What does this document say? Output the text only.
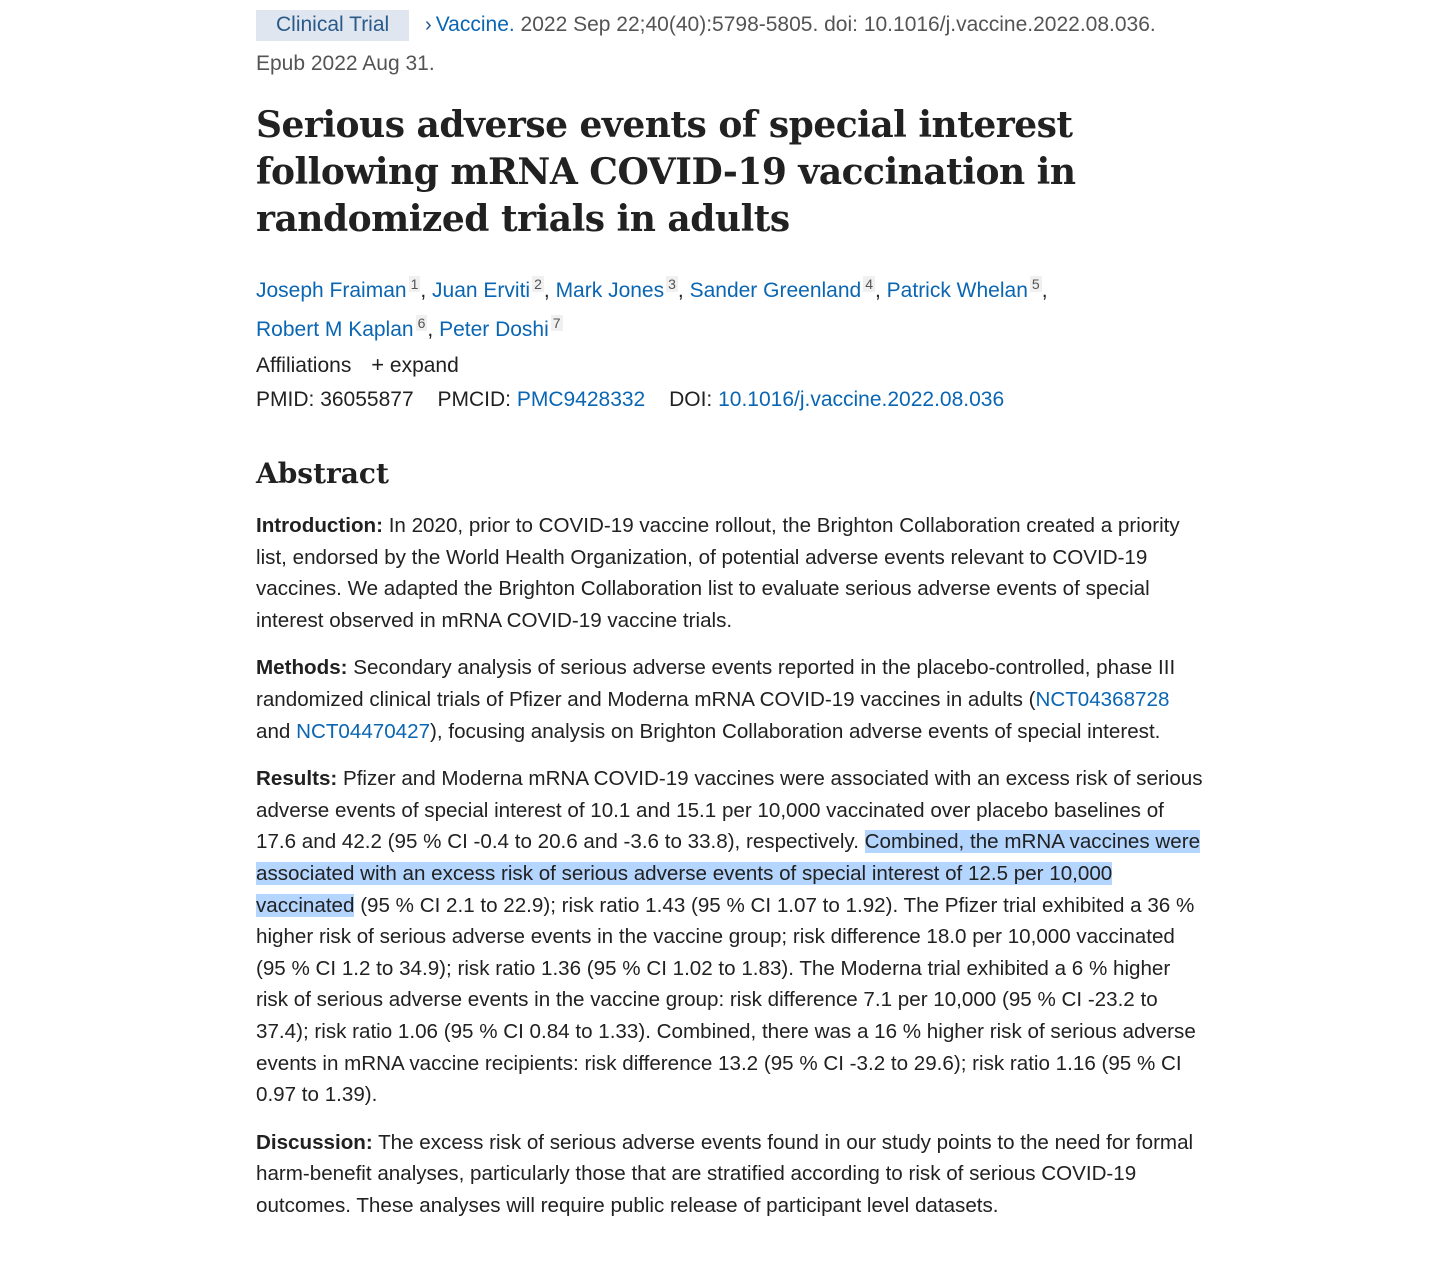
Clinical Trial › Vaccine. 2022 Sep 22;40(40):5798-5805. doi: 10.1016/j.vaccine.2022.08.036.
Epub 2022 Aug 31.
Serious adverse events of special interest following mRNA COVID-19 vaccination in randomized trials in adults
Joseph Fraiman $^1$, Juan Erviti $^2$, Mark Jones $^3$, Sander Greenland $^4$, Patrick Whelan $^5$,
Robert M Kaplan $^6$, Peter Doshi $^7$
Affiliations + expand
PMID: 36055877 PMCID: PMC9428332 DOI: 10.1016/j.vaccine.2022.08.036
Abstract

Introduction: In 2020, prior to COVID-19 vaccine rollout, the Brighton Collaboration created a priority list, endorsed by the World Health Organization, of potential adverse events relevant to COVID-19 vaccines. We adapted the Brighton Collaboration list to evaluate serious adverse events of special interest observed in mRNA COVID-19 vaccine trials.

Methods: Secondary analysis of serious adverse events reported in the placebo-controlled, phase III randomized clinical trials of Pfizer and Moderna mRNA COVID-19 vaccines in adults (NCT04368728 and NCT04470427), focusing analysis on Brighton Collaboration adverse events of special interest.

Results: Pfizer and Moderna mRNA COVID-19 vaccines were associated with an excess risk of serious adverse events of special interest of 10.1 and 15.1 per 10,000 vaccinated over placebo baselines of 17.6 and 42.2 (95 % CI -0.4 to 20.6 and -3.6 to 33.8), respectively. Combined, the mRNA vaccines were associated with an excess risk of serious adverse events of special interest of 12.5 per 10,000 vaccinated (95 % CI 2.1 to 22.9); risk ratio 1.43 (95 % CI 1.07 to 1.92). The Pfizer trial exhibited a 36 % higher risk of serious adverse events in the vaccine group; risk difference 18.0 per 10,000 vaccinated (95 % CI 1.2 to 34.9); risk ratio 1.36 (95 % CI 1.02 to 1.83). The Moderna trial exhibited a 6 % higher risk of serious adverse events in the vaccine group: risk difference 7.1 per 10,000 (95 % CI -23.2 to 37.4); risk ratio 1.06 (95 % CI 0.84 to 1.33). Combined, there was a 16 % higher risk of serious adverse events in mRNA vaccine recipients: risk difference 13.2 (95 % CI -3.2 to 29.6); risk ratio 1.16 (95 % CI 0.97 to 1.39).

Discussion: The excess risk of serious adverse events found in our study points to the need for formal harm-benefit analyses, particularly those that are stratified according to risk of serious COVID-19 outcomes. These analyses will require public release of participant level datasets.
